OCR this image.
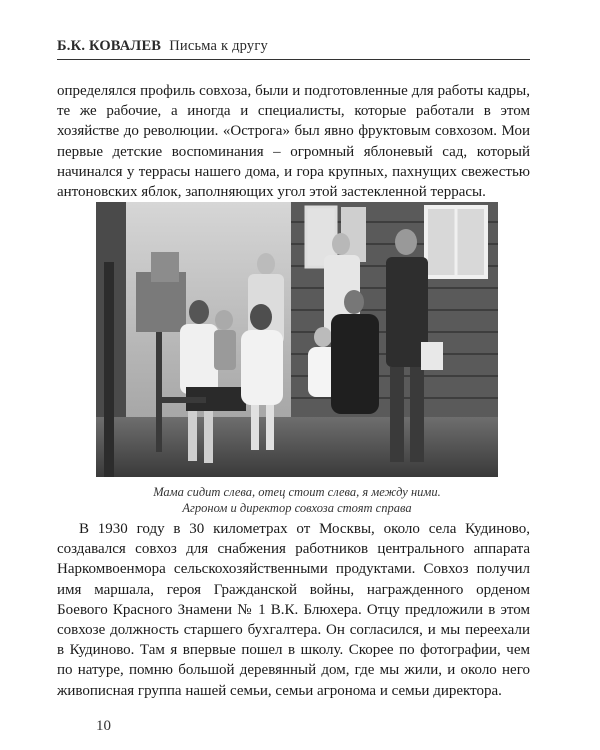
Б.К. КОВАЛЕВ Письма к другу

определялся профиль совхоза, были и подготовленные для работы кадры, те же рабочие, а иногда и специалисты, которые работали в этом хозяйстве до революции. «Острога» был явно фруктовым совхозом. Мои первые детские воспоминания – огромный яблоневый сад, который начинался у террасы нашего дома, и гора крупных, пахнущих свежестью антоновских яблок, заполняющих угол этой застекленной террасы.

Мама сидит слева, отец стоит слева, я между ними.
Агроном и директор совхоза стоят справа

В 1930 году в 30 километрах от Москвы, около села Кудиново, создавался совхоз для снабжения работников центрального аппарата Наркомвоенмора сельскохозяйственными продуктами. Совхоз получил имя маршала, героя Гражданской войны, награжденного орденом Боевого Красного Знамени № 1 В.К. Блюхера. Отцу предложили в этом совхозе должность старшего бухгалтера. Он согласился, и мы переехали в Кудиново. Там я впервые пошел в школу. Скорее по фотографии, чем по натуре, помню большой деревянный дом, где мы жили, и около него живописная группа нашей семьи, семьи агронома и семьи директора.

10
